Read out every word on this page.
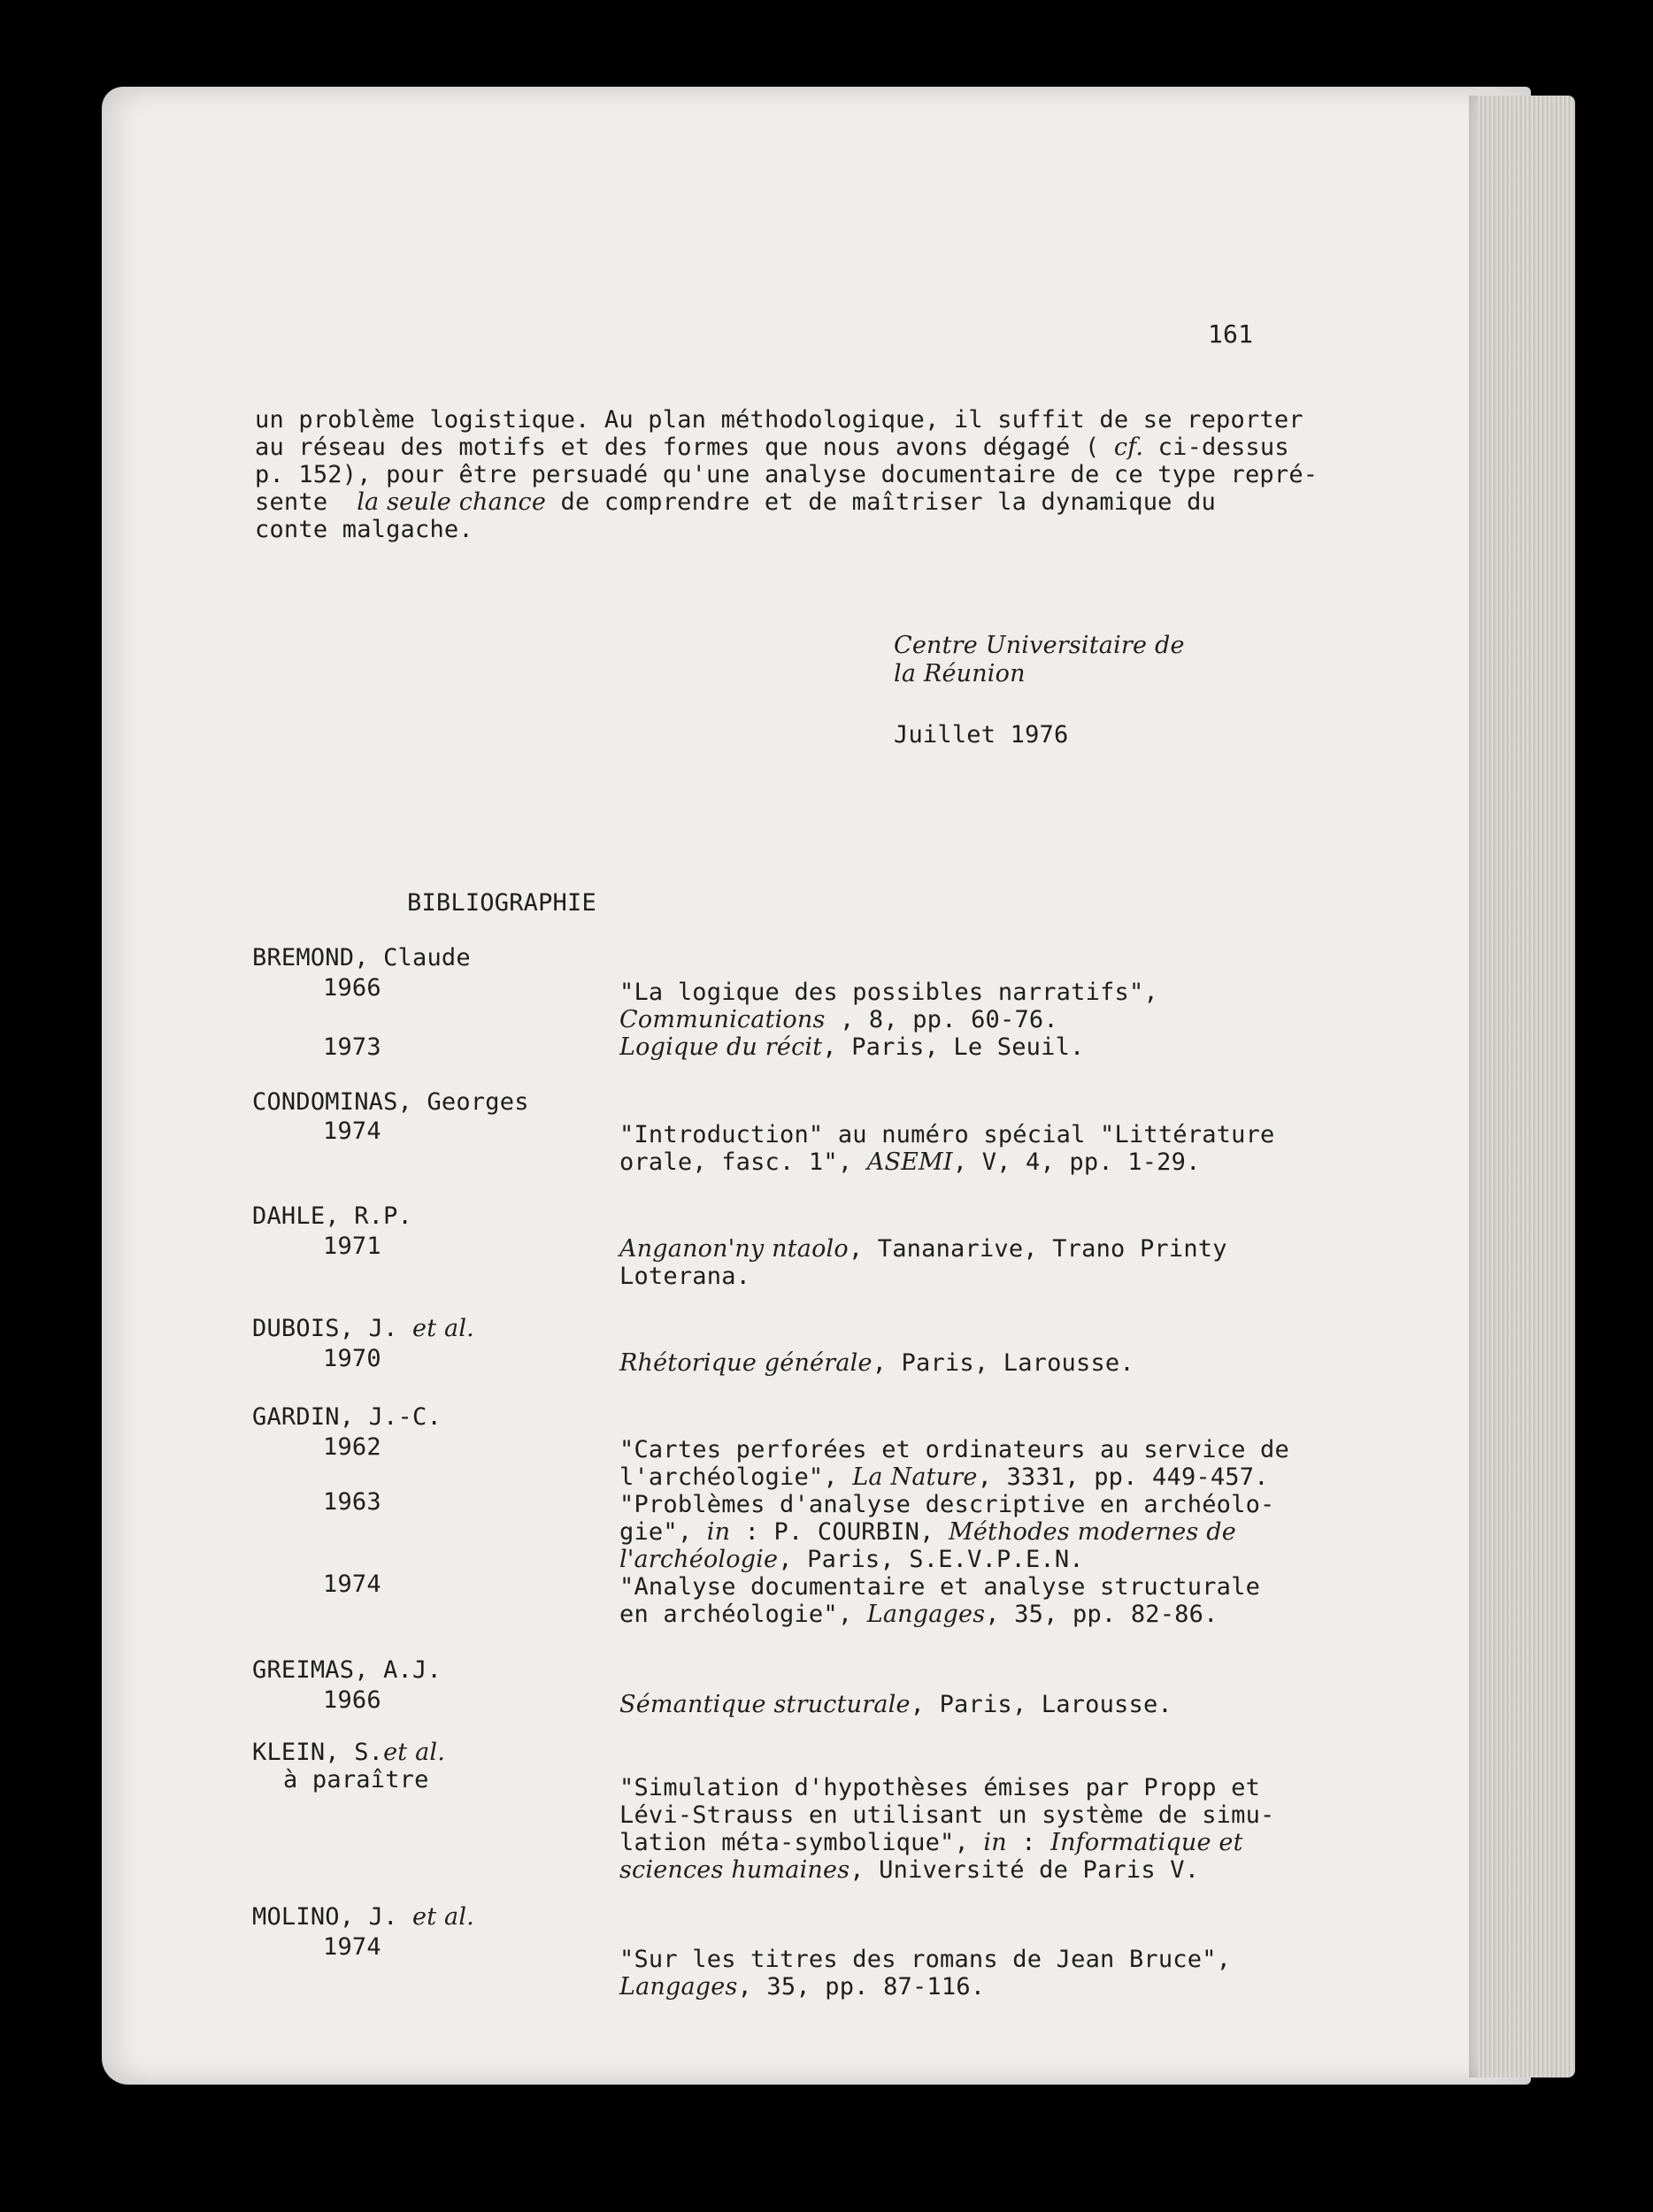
161
un problème logistique. Au plan méthodologique, il suffit de se reporter
au réseau des motifs et des formes que nous avons dégagé ( cf. ci-dessus
p. 152), pour être persuadé qu'une analyse documentaire de ce type repré-
sente  la seule chance de comprendre et de maîtriser la dynamique du
conte malgache.
Centre Universitaire de
la Réunion
Juillet 1976
BIBLIOGRAPHIE
BREMOND, Claude
1966	"La logique des possibles narratifs",
Communications , 8, pp. 60-76.
1973	Logique du récit, Paris, Le Seuil.
CONDOMINAS, Georges
1974	"Introduction" au numéro spécial "Littérature
orale, fasc. 1", ASEMI, V, 4, pp. 1-29.
DAHLE, R.P.
1971	Anganon'ny ntaolo, Tananarive, Trano Printy
Loterana.
DUBOIS, J. et al.
1970	Rhétorique générale, Paris, Larousse.
GARDIN, J.-C.
1962	"Cartes perforées et ordinateurs au service de
l'archéologie", La Nature, 3331, pp. 449-457.
1963	"Problèmes d'analyse descriptive en archéolo-
gie", in : P. COURBIN, Méthodes modernes de
l'archéologie, Paris, S.E.V.P.E.N.
1974	"Analyse documentaire et analyse structurale
en archéologie", Langages, 35, pp. 82-86.
GREIMAS, A.J.
1966	Sémantique structurale, Paris, Larousse.
KLEIN, S.et al.
à paraître	"Simulation d'hypothèses émises par Propp et
Lévi-Strauss en utilisant un système de simu-
lation méta-symbolique", in : Informatique et
sciences humaines, Université de Paris V.
MOLINO, J. et al.
1974	"Sur les titres des romans de Jean Bruce",
Langages, 35, pp. 87-116.
